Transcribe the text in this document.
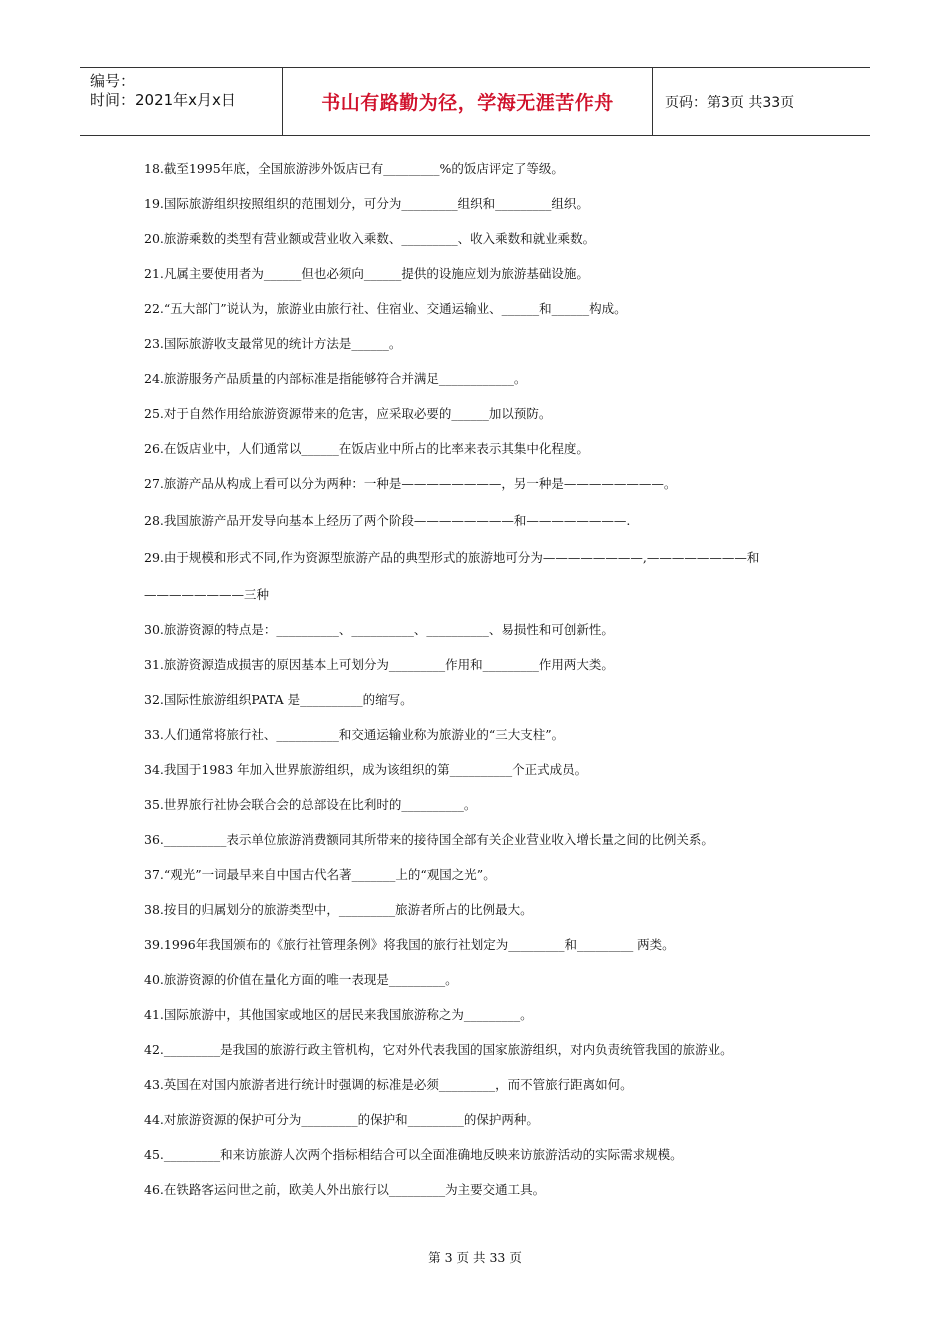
编号：
时间：2021年x月x日	书山有路勤为径，学海无涯苦作舟	页码：第3页 共33页
18.截至1995年底，全国旅游涉外饭店已有_________%的饭店评定了等级。
19.国际旅游组织按照组织的范围划分，可分为_________组织和_________组织。
20.旅游乘数的类型有营业额或营业收入乘数、_________、收入乘数和就业乘数。
21.凡属主要使用者为______但也必须向______提供的设施应划为旅游基础设施。
22.“五大部门”说认为，旅游业由旅行社、住宿业、交通运输业、______和______构成。
23.国际旅游收支最常见的统计方法是______。
24.旅游服务产品质量的内部标准是指能够符合并满足____________。
25.对于自然作用给旅游资源带来的危害，应采取必要的______加以预防。
26.在饭店业中，人们通常以______在饭店业中所占的比率来表示其集中化程度。
27.旅游产品从构成上看可以分为两种：一种是————————，另一种是————————。
28.我国旅游产品开发导向基本上经历了两个阶段————————和————————.
29.由于规模和形式不同,作为资源型旅游产品的典型形式的旅游地可分为————————,————————和
————————三种
30.旅游资源的特点是：__________、__________、__________、易损性和可创新性。
31.旅游资源造成损害的原因基本上可划分为_________作用和_________作用两大类。
32.国际性旅游组织PATA 是__________的缩写。
33.人们通常将旅行社、__________和交通运输业称为旅游业的“三大支柱”。
34.我国于1983 年加入世界旅游组织，成为该组织的第__________个正式成员。
35.世界旅行社协会联合会的总部设在比利时的__________。
36.__________表示单位旅游消费额同其所带来的接待国全部有关企业营业收入增长量之间的比例关系。
37.“观光”一词最早来自中国古代名著_______上的“观国之光”。
38.按目的归属划分的旅游类型中，_________旅游者所占的比例最大。
39.1996年我国颁布的《旅行社管理条例》将我国的旅行社划定为_________和_________ 两类。
40.旅游资源的价值在量化方面的唯一表现是_________。
41.国际旅游中，其他国家或地区的居民来我国旅游称之为_________。
42._________是我国的旅游行政主管机构，它对外代表我国的国家旅游组织，对内负责统管我国的旅游业。
43.英国在对国内旅游者进行统计时强调的标准是必须_________，而不管旅行距离如何。
44.对旅游资源的保护可分为_________的保护和_________的保护两种。
45._________和来访旅游人次两个指标相结合可以全面准确地反映来访旅游活动的实际需求规模。
46.在铁路客运问世之前，欧美人外出旅行以_________为主要交通工具。
第 3 页 共 33 页
